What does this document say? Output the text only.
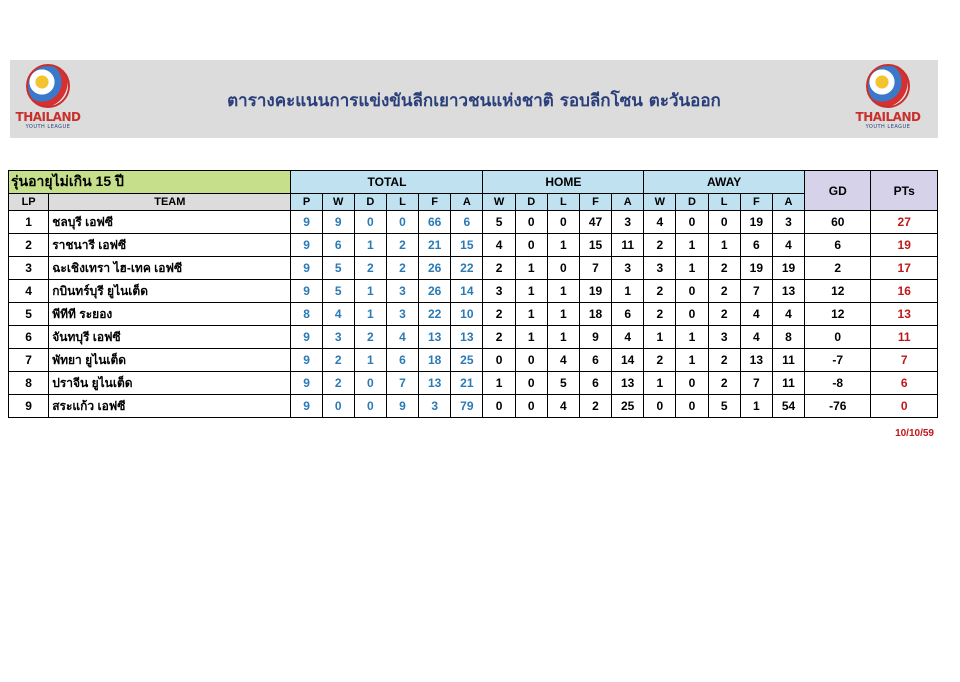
THAILAND
YOUTH LEAGUE
ตารางคะแนนการแข่งขันลีกเยาวชนแห่งชาติ รอบลีกโซน ตะวันออก
THAILAND
YOUTH LEAGUE
รุ่นอายุไม่เกิน 15 ปี		TOTAL						HOME					AWAY					GD	PTs
LP	TEAM	P	W	D	L	F	A	W	D	L	F	A	W	D	L	F	A		
1	ชลบุรี เอฟซี	9	9	0	0	66	6	5	0	0	47	3	4	0	0	19	3	60	27
2	ราชนารี เอฟซี	9	6	1	2	21	15	4	0	1	15	11	2	1	1	6	4	6	19
3	ฉะเชิงเทรา ไฮ-เทค เอฟซี	9	5	2	2	26	22	2	1	0	7	3	3	1	2	19	19	2	17
4	กบินทร์บุรี ยูไนเต็ด	9	5	1	3	26	14	3	1	1	19	1	2	0	2	7	13	12	16
5	พีทีที ระยอง	8	4	1	3	22	10	2	1	1	18	6	2	0	2	4	4	12	13
6	จันทบุรี เอฟซี	9	3	2	4	13	13	2	1	1	9	4	1	1	3	4	8	0	11
7	พัทยา ยูไนเต็ด	9	2	1	6	18	25	0	0	4	6	14	2	1	2	13	11	-7	7
8	ปราจีน ยูไนเต็ด	9	2	0	7	13	21	1	0	5	6	13	1	0	2	7	11	-8	6
9	สระแก้ว เอฟซี	9	0	0	9	3	79	0	0	4	2	25	0	0	5	1	54	-76	0
10/10/59
